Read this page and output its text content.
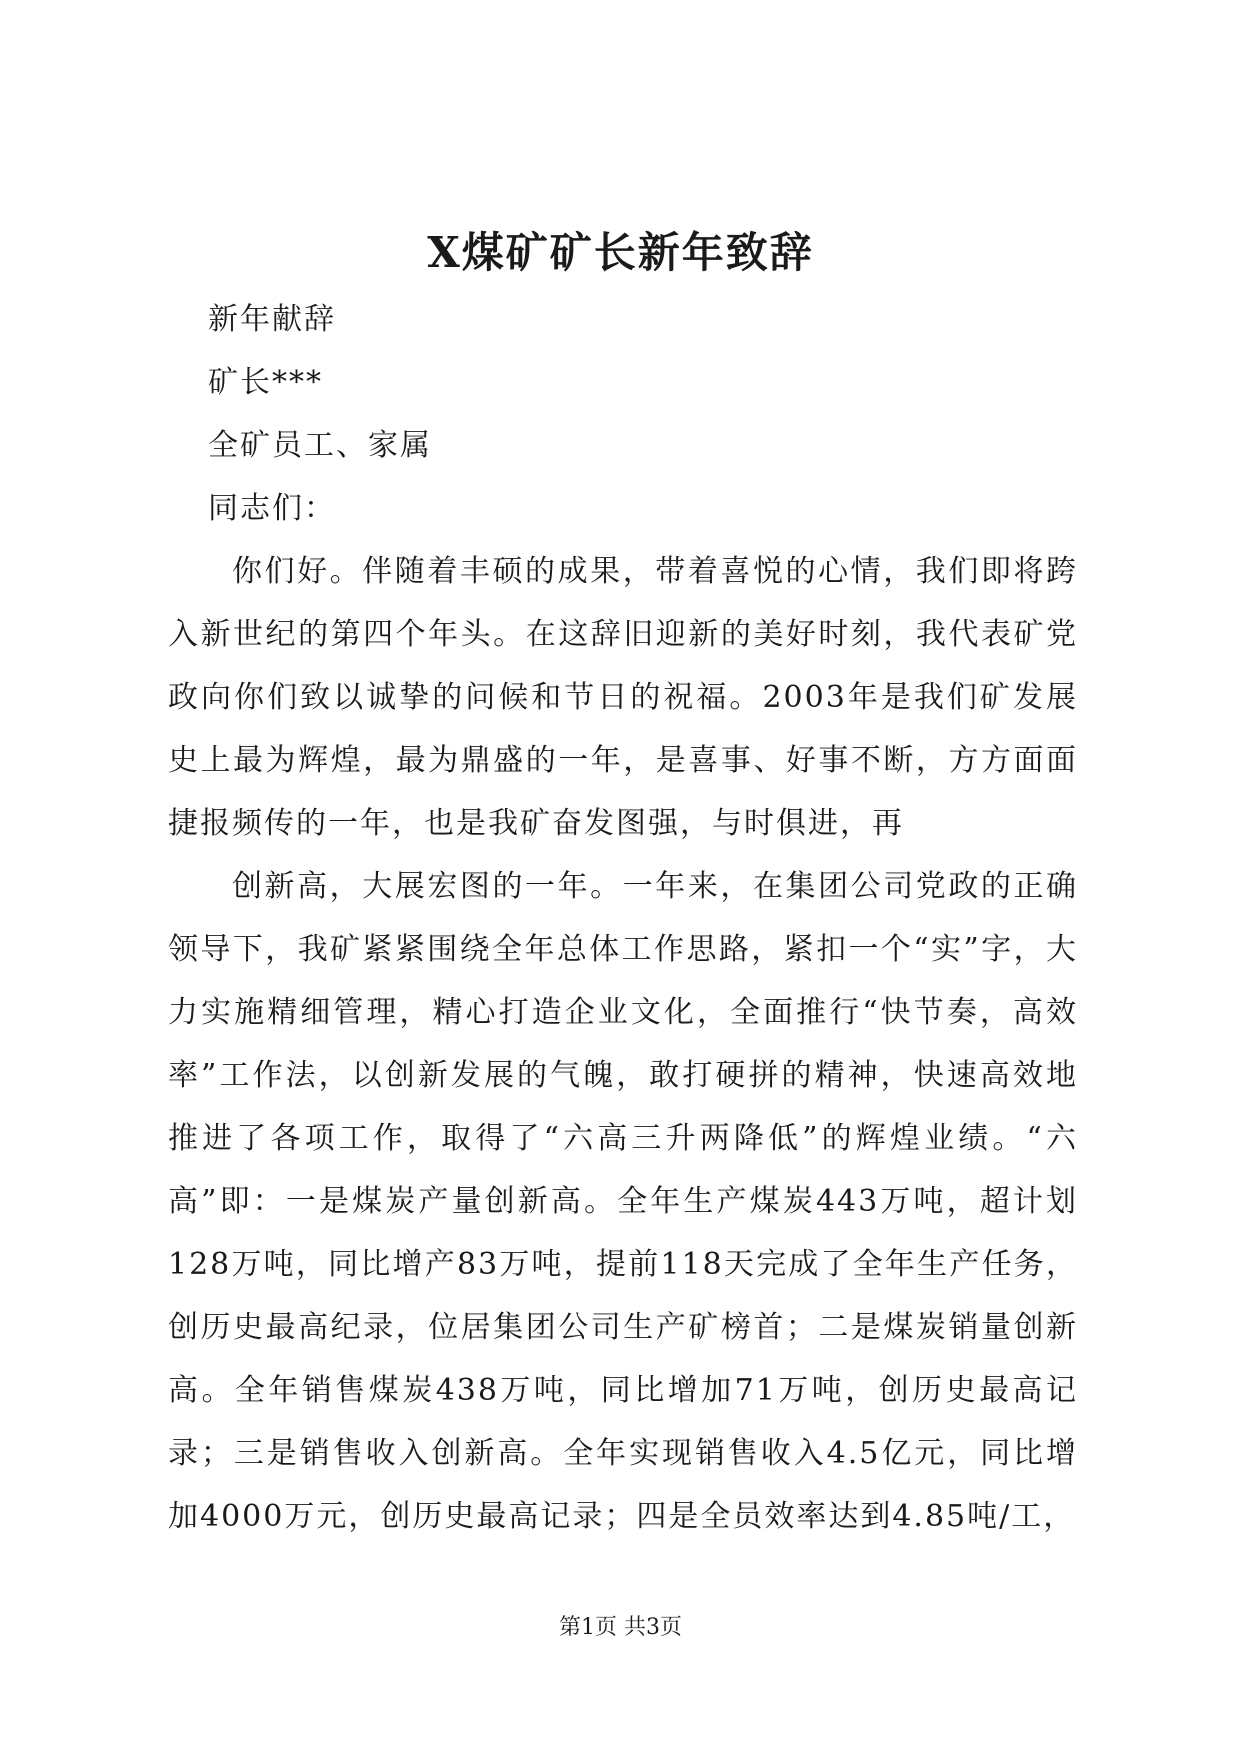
X煤矿矿长新年致辞
新年献辞
矿长***
全矿员工、家属
同志们：

你们好。伴随着丰硕的成果，带着喜悦的心情，我们即将跨入新世纪的第四个年头。在这辞旧迎新的美好时刻，我代表矿党政向你们致以诚挚的问候和节日的祝福。2003年是我们矿发展史上最为辉煌，最为鼎盛的一年，是喜事、好事不断，方方面面捷报频传的一年，也是我矿奋发图强，与时俱进，再

创新高，大展宏图的一年。一年来，在集团公司党政的正确领导下，我矿紧紧围绕全年总体工作思路，紧扣一个“实”字，大力实施精细管理，精心打造企业文化，全面推行“快节奏，高效率”工作法，以创新发展的气魄，敢打硬拼的精神，快速高效地推进了各项工作，取得了“六高三升两降低”的辉煌业绩。“六高”即：一是煤炭产量创新高。全年生产煤炭443万吨，超计划128万吨，同比增产83万吨，提前118天完成了全年生产任务，创历史最高纪录，位居集团公司生产矿榜首；二是煤炭销量创新高。全年销售煤炭438万吨，同比增加71万吨，创历史最高记录；三是销售收入创新高。全年实现销售收入4.5亿元，同比增加4000万元，创历史最高记录；四是全员效率达到4.85吨/工，

第1页 共3页
